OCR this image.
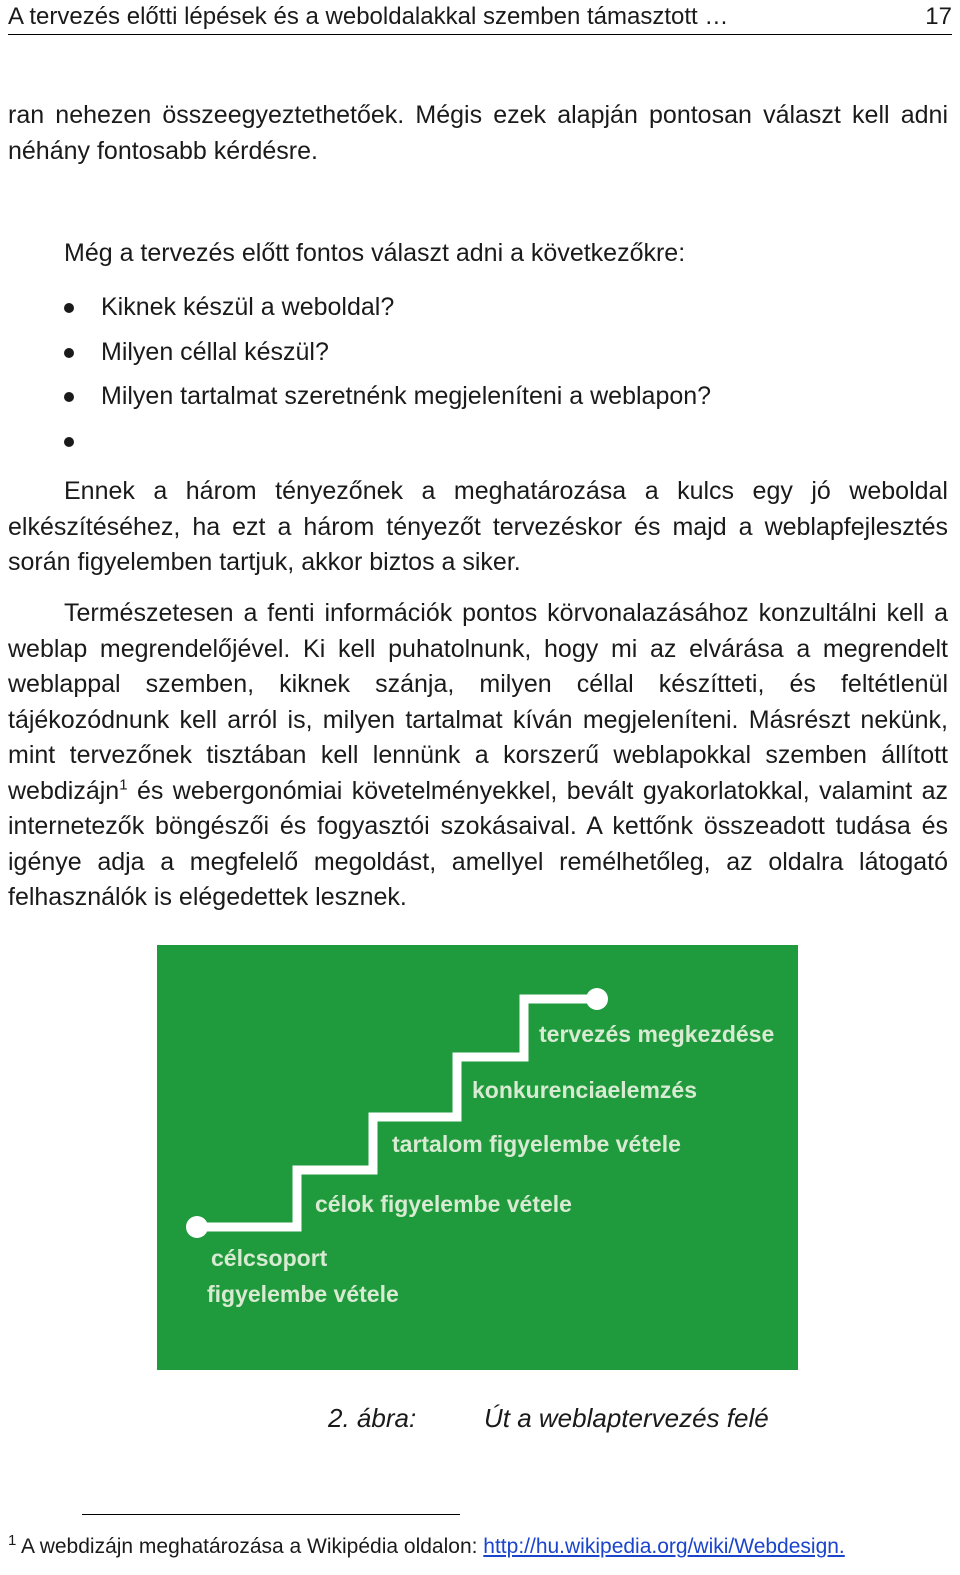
A tervezés előtti lépések és a weboldalakkal szemben támasztott …	17

ran nehezen összeegyeztethetőek. Mégis ezek alapján pontosan választ kell adni néhány fontosabb kérdésre.

Még a tervezés előtt fontos választ adni a következőkre:

Kiknek készül a weboldal?
Milyen céllal készül?
Milyen tartalmat szeretnénk megjeleníteni a weblapon?

Ennek a három tényezőnek a meghatározása a kulcs egy jó weboldal elkészítéséhez, ha ezt a három tényezőt tervezéskor és majd a weblapfejlesztés során figyelemben tartjuk, akkor biztos a siker.

Természetesen a fenti információk pontos körvonalazásához konzultálni kell a weblap megrendelőjével. Ki kell puhatolnunk, hogy mi az elvárása a megrendelt weblappal szemben, kiknek szánja, milyen céllal készítteti, és feltétlenül tájékozódnunk kell arról is, milyen tartalmat kíván megjeleníteni. Másrészt nekünk, mint tervezőnek tisztában kell lennünk a korszerű weblapokkal szemben állított webdizájn$^1$ és webergonómiai követelményekkel, bevált gyakorlatokkal, valamint az internetezők böngészői és fogyasztói szokásaival. A kettőnk összeadott tudása és igénye adja a megfelelő megoldást, amellyel remélhetőleg, az oldalra látogató felhasználók is elégedettek lesznek.

tervezés megkezdése
konkurenciaelemzés
tartalom figyelembe vétele
célok figyelembe vétele
célcsoport
figyelembe vétele
2. ábra:	Út a weblaptervezés felé
$^1$ A webdizájn meghatározása a Wikipédia oldalon: http://hu.wikipedia.org/wiki/Webdesign.
